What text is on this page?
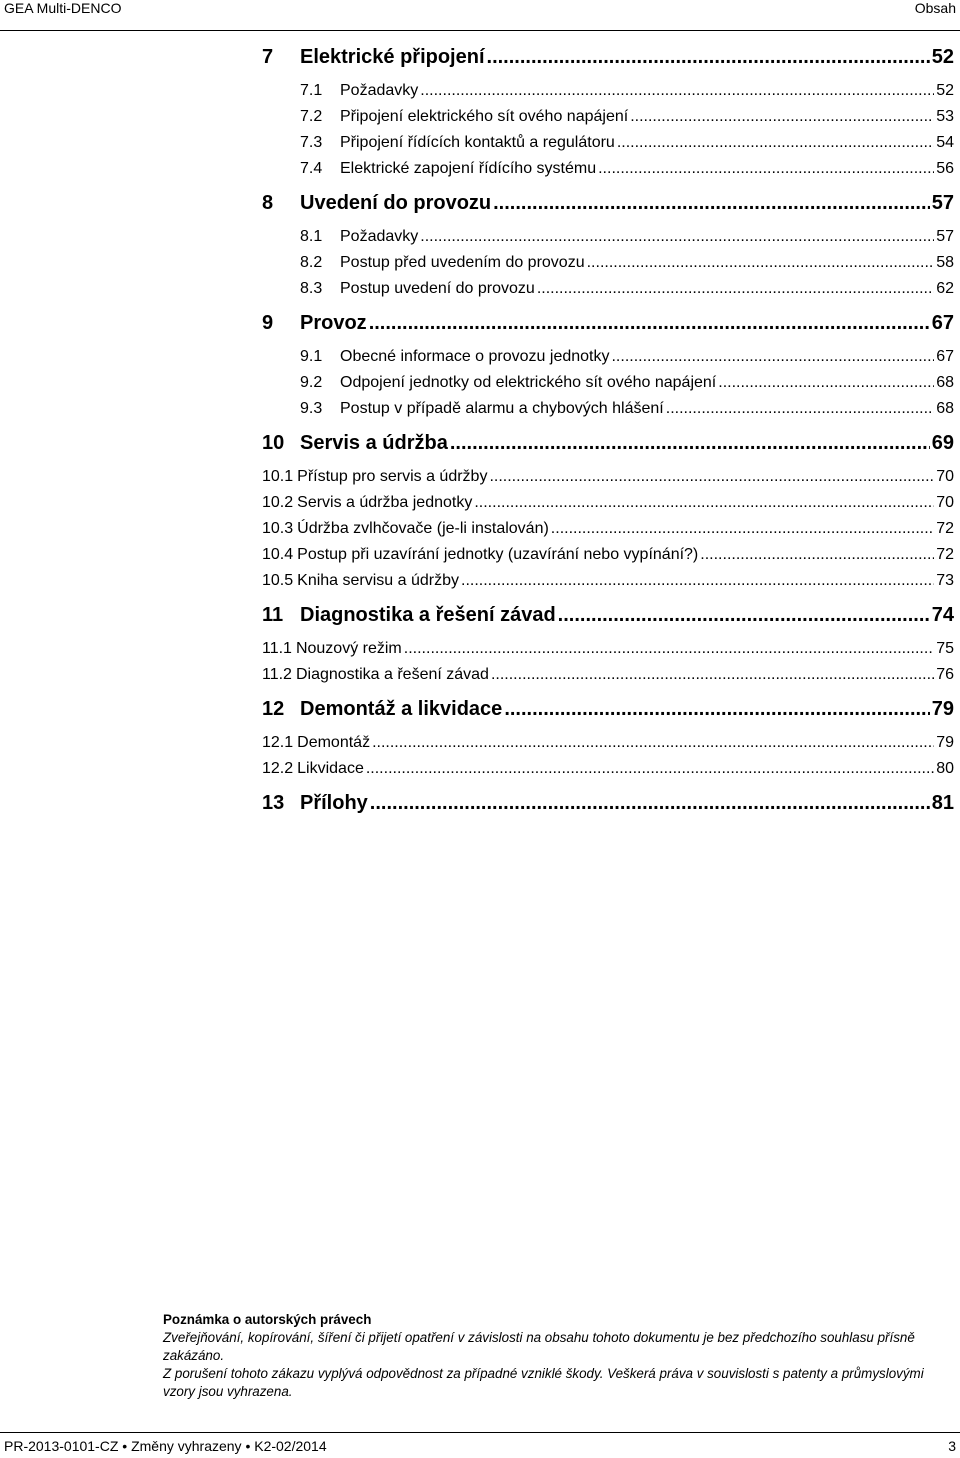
GEA Multi-DENCO	Obsah
7	Elektrické připojení .....	52
7.1	Požadavky .....	52
7.2	Připojení elektrického sít ového napájení .....	53
7.3	Připojení řídících kontaktů a regulátoru .....	54
7.4	Elektrické zapojení řídícího systému .....	56
8	Uvedení do provozu .....	57
8.1	Požadavky .....	57
8.2	Postup před uvedením do provozu .....	58
8.3	Postup uvedení do provozu .....	62
9	Provoz .....	67
9.1	Obecné informace o provozu jednotky .....	67
9.2	Odpojení jednotky od elektrického sít ového napájení .....	68
9.3	Postup v případě alarmu a chybových hlášení .....	68
10 Servis a údržba .....	69
10.1 Přístup pro servis a údržby .....	70
10.2 Servis a údržba jednotky .....	70
10.3 Údržba zvlhčovače (je-li instalován) .....	72
10.4 Postup při uzavírání jednotky (uzavírání nebo vypínání?) .....	72
10.5 Kniha servisu a údržby .....	73
11 Diagnostika a řešení závad .....	74
11.1 Nouzový režim .....	75
11.2 Diagnostika a řešení závad .....	76
12 Demontáž a likvidace .....	79
12.1 Demontáž .....	79
12.2 Likvidace .....	80
13 Přílohy .....	81
Poznámka o autorských právech

Zveřejňování, kopírování, šíření či přijetí opatření v závislosti na obsahu tohoto dokumentu je bez předchozího souhlasu přísně zakázáno.

Z porušení tohoto zákazu vyplývá odpovědnost za případné vzniklé škody. Veškerá práva v souvislosti s patenty a průmyslovými vzory jsou vyhrazena.

PR-2013-0101-CZ • Změny vyhrazeny • K2-02/2014	3
